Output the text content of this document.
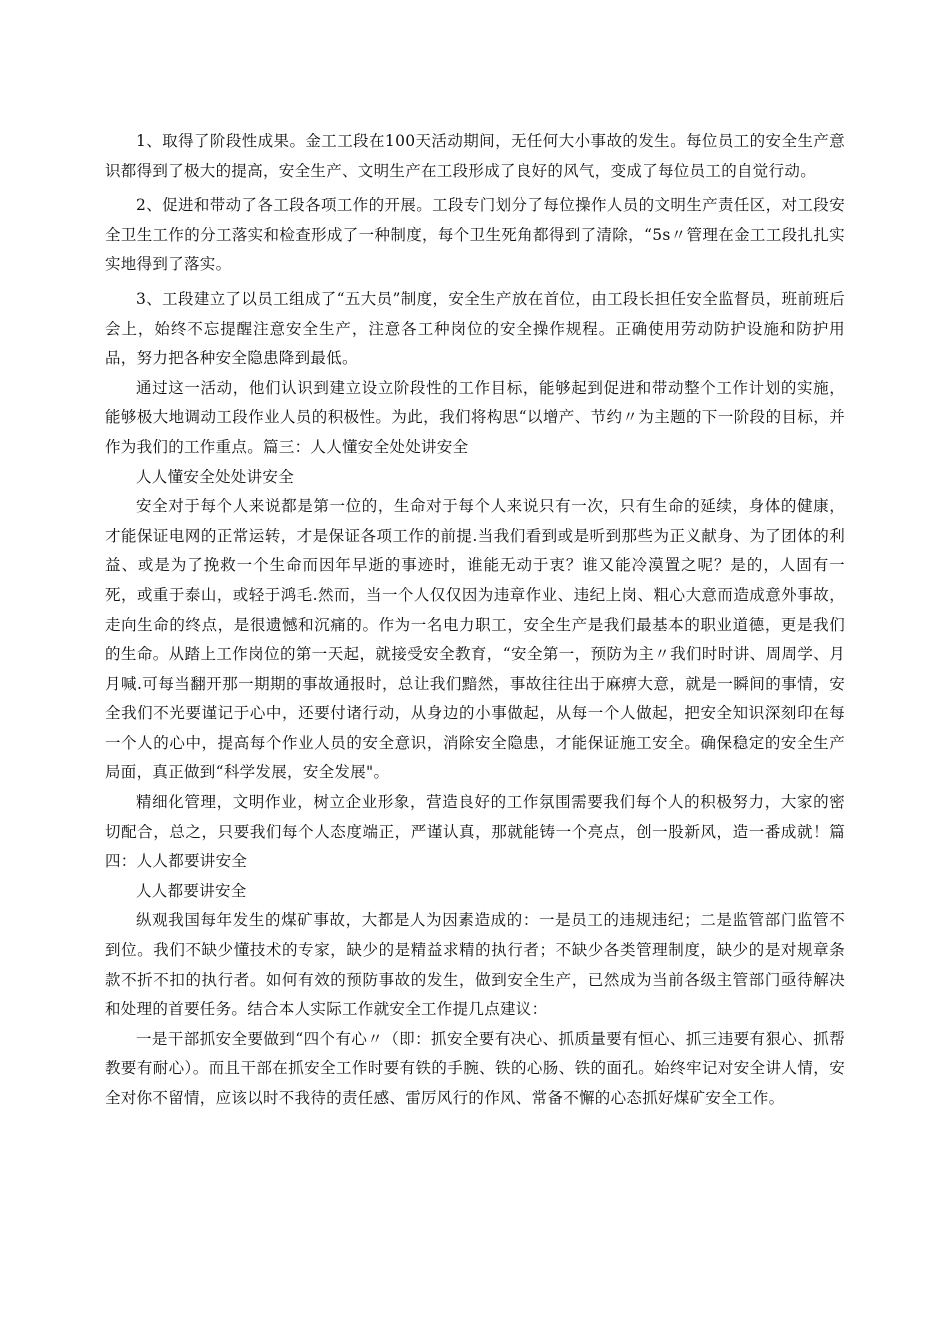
1、取得了阶段性成果。金工工段在100天活动期间，无任何大小事故的发生。每位员工的安全生产意识都得到了极大的提高，安全生产、文明生产在工段形成了良好的风气，变成了每位员工的自觉行动。

2、促进和带动了各工段各项工作的开展。工段专门划分了每位操作人员的文明生产责任区，对工段安全卫生工作的分工落实和检查形成了一种制度，每个卫生死角都得到了清除，“5s〃管理在金工工段扎扎实实地得到了落实。

3、工段建立了以员工组成了“五大员”制度，安全生产放在首位，由工段长担任安全监督员，班前班后会上，始终不忘提醒注意安全生产，注意各工种岗位的安全操作规程。正确使用劳动防护设施和防护用品，努力把各种安全隐患降到最低。

通过这一活动，他们认识到建立设立阶段性的工作目标，能够起到促进和带动整个工作计划的实施，能够极大地调动工段作业人员的积极性。为此，我们将构思“以增产、节约〃为主题的下一阶段的目标，并作为我们的工作重点。篇三：人人懂安全处处讲安全

人人懂安全处处讲安全

安全对于每个人来说都是第一位的，生命对于每个人来说只有一次，只有生命的延续，身体的健康，才能保证电网的正常运转，才是保证各项工作的前提.当我们看到或是听到那些为正义献身、为了团体的利益、或是为了挽救一个生命而因年早逝的事迹时，谁能无动于衷？谁又能冷漠置之呢？是的，人固有一死，或重于泰山，或轻于鸿毛.然而，当一个人仅仅因为违章作业、违纪上岗、粗心大意而造成意外事故，走向生命的终点，是很遗憾和沉痛的。作为一名电力职工，安全生产是我们最基本的职业道德，更是我们的生命。从踏上工作岗位的第一天起，就接受安全教育，“安全第一，预防为主〃我们时时讲、周周学、月月喊.可每当翻开那一期期的事故通报时，总让我们黯然，事故往往出于麻痹大意，就是一瞬间的事情，安全我们不光要谨记于心中，还要付诸行动，从身边的小事做起，从每一个人做起，把安全知识深刻印在每一个人的心中，提高每个作业人员的安全意识，消除安全隐患，才能保证施工安全。确保稳定的安全生产局面，真正做到“科学发展，安全发展"。

精细化管理，文明作业，树立企业形象，营造良好的工作氛围需要我们每个人的积极努力，大家的密切配合，总之，只要我们每个人态度端正，严谨认真，那就能铸一个亮点，创一股新风，造一番成就！篇四：人人都要讲安全

人人都要讲安全

纵观我国每年发生的煤矿事故，大都是人为因素造成的：一是员工的违规违纪；二是监管部门监管不到位。我们不缺少懂技术的专家，缺少的是精益求精的执行者；不缺少各类管理制度，缺少的是对规章条款不折不扣的执行者。如何有效的预防事故的发生，做到安全生产，已然成为当前各级主管部门亟待解决和处理的首要任务。结合本人实际工作就安全工作提几点建议：

一是干部抓安全要做到“四个有心〃（即：抓安全要有决心、抓质量要有恒心、抓三违要有狠心、抓帮教要有耐心）。而且干部在抓安全工作时要有铁的手腕、铁的心肠、铁的面孔。始终牢记对安全讲人情，安全对你不留情，应该以时不我待的责任感、雷厉风行的作风、常备不懈的心态抓好煤矿安全工作。
